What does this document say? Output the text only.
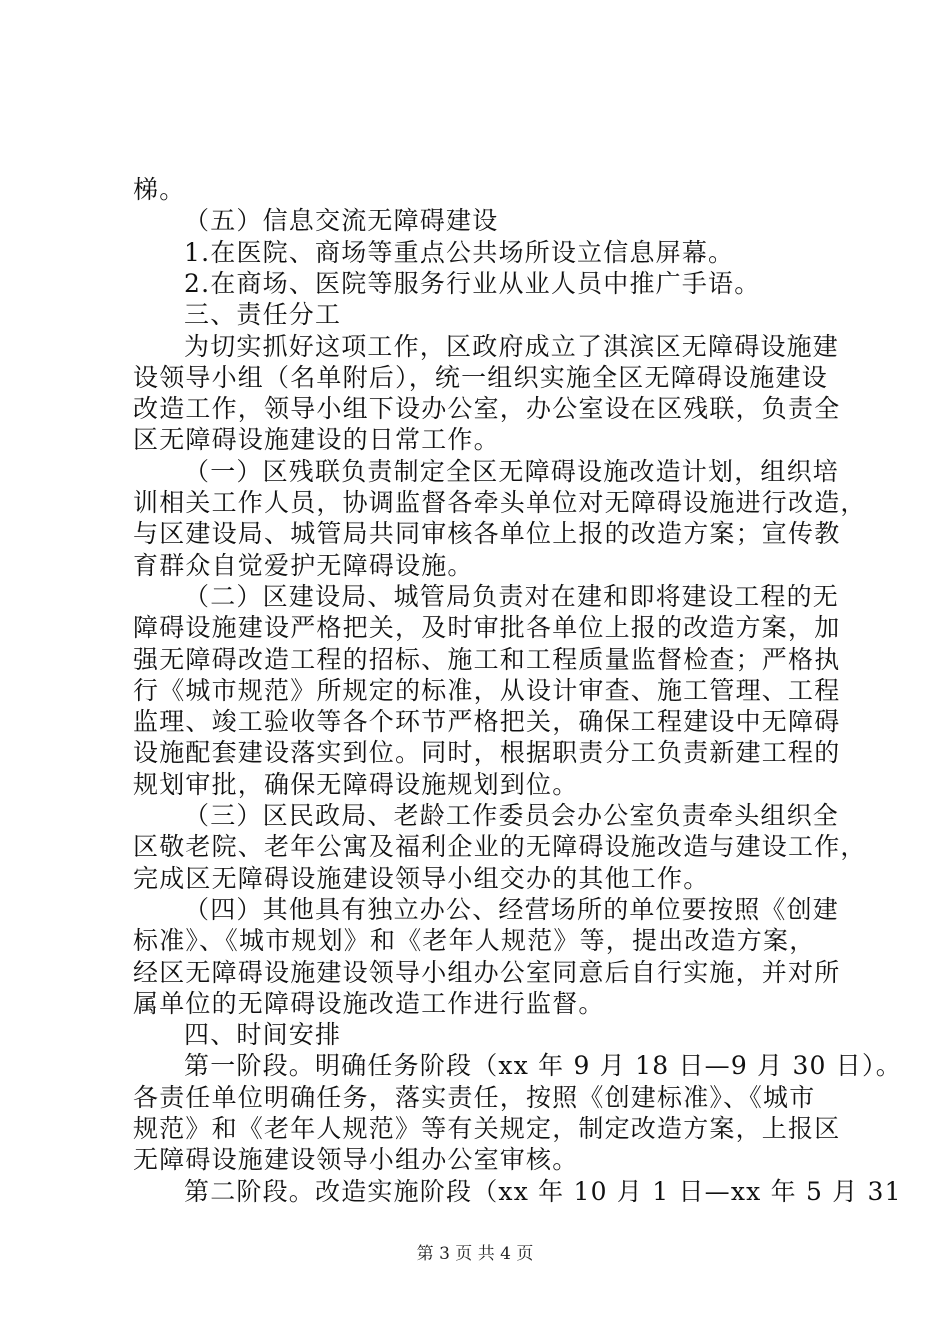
梯。
（五）信息交流无障碍建设
1.在医院、商场等重点公共场所设立信息屏幕。
2.在商场、医院等服务行业从业人员中推广手语。
三、责任分工
为切实抓好这项工作，区政府成立了淇滨区无障碍设施建
设领导小组（名单附后），统一组织实施全区无障碍设施建设
改造工作，领导小组下设办公室，办公室设在区残联，负责全
区无障碍设施建设的日常工作。
（一）区残联负责制定全区无障碍设施改造计划，组织培
训相关工作人员，协调监督各牵头单位对无障碍设施进行改造，
与区建设局、城管局共同审核各单位上报的改造方案；宣传教
育群众自觉爱护无障碍设施。
（二）区建设局、城管局负责对在建和即将建设工程的无
障碍设施建设严格把关，及时审批各单位上报的改造方案，加
强无障碍改造工程的招标、施工和工程质量监督检查；严格执
行《城市规范》所规定的标准，从设计审查、施工管理、工程
监理、竣工验收等各个环节严格把关，确保工程建设中无障碍
设施配套建设落实到位。同时，根据职责分工负责新建工程的
规划审批，确保无障碍设施规划到位。
（三）区民政局、老龄工作委员会办公室负责牵头组织全
区敬老院、老年公寓及福利企业的无障碍设施改造与建设工作，
完成区无障碍设施建设领导小组交办的其他工作。
（四）其他具有独立办公、经营场所的单位要按照《创建
标准》、《城市规划》和《老年人规范》等，提出改造方案，
经区无障碍设施建设领导小组办公室同意后自行实施，并对所
属单位的无障碍设施改造工作进行监督。
四、时间安排
第一阶段。明确任务阶段（xx 年 9 月 18 日—9 月 30 日）。
各责任单位明确任务，落实责任，按照《创建标准》、《城市
规范》和《老年人规范》等有关规定，制定改造方案，上报区
无障碍设施建设领导小组办公室审核。
第二阶段。改造实施阶段（xx 年 10 月 1 日—xx 年 5 月 31
第 3 页 共 4 页
